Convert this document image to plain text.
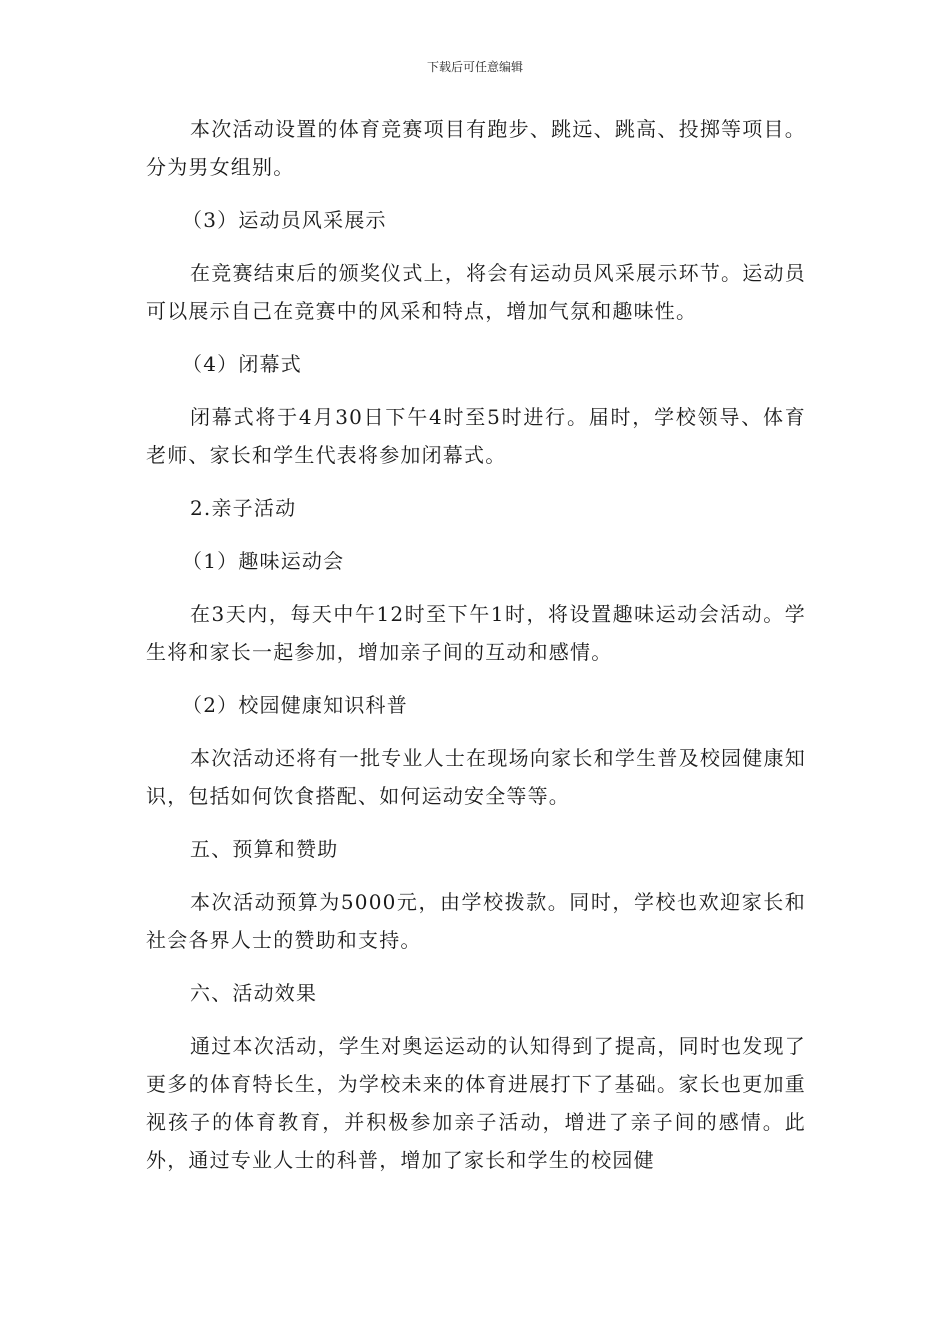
下载后可任意编辑

本次活动设置的体育竞赛项目有跑步、跳远、跳高、投掷等项目。分为男女组别。

（3）运动员风采展示

在竞赛结束后的颁奖仪式上，将会有运动员风采展示环节。运动员可以展示自己在竞赛中的风采和特点，增加气氛和趣味性。

（4）闭幕式

闭幕式将于4月30日下午4时至5时进行。届时，学校领导、体育老师、家长和学生代表将参加闭幕式。

2.亲子活动

（1）趣味运动会

在3天内，每天中午12时至下午1时，将设置趣味运动会活动。学生将和家长一起参加，增加亲子间的互动和感情。

（2）校园健康知识科普

本次活动还将有一批专业人士在现场向家长和学生普及校园健康知识，包括如何饮食搭配、如何运动安全等等。

五、预算和赞助

本次活动预算为5000元，由学校拨款。同时，学校也欢迎家长和社会各界人士的赞助和支持。

六、活动效果

通过本次活动，学生对奥运运动的认知得到了提高，同时也发现了更多的体育特长生，为学校未来的体育进展打下了基础。家长也更加重视孩子的体育教育，并积极参加亲子活动，增进了亲子间的感情。此外，通过专业人士的科普，增加了家长和学生的校园健
